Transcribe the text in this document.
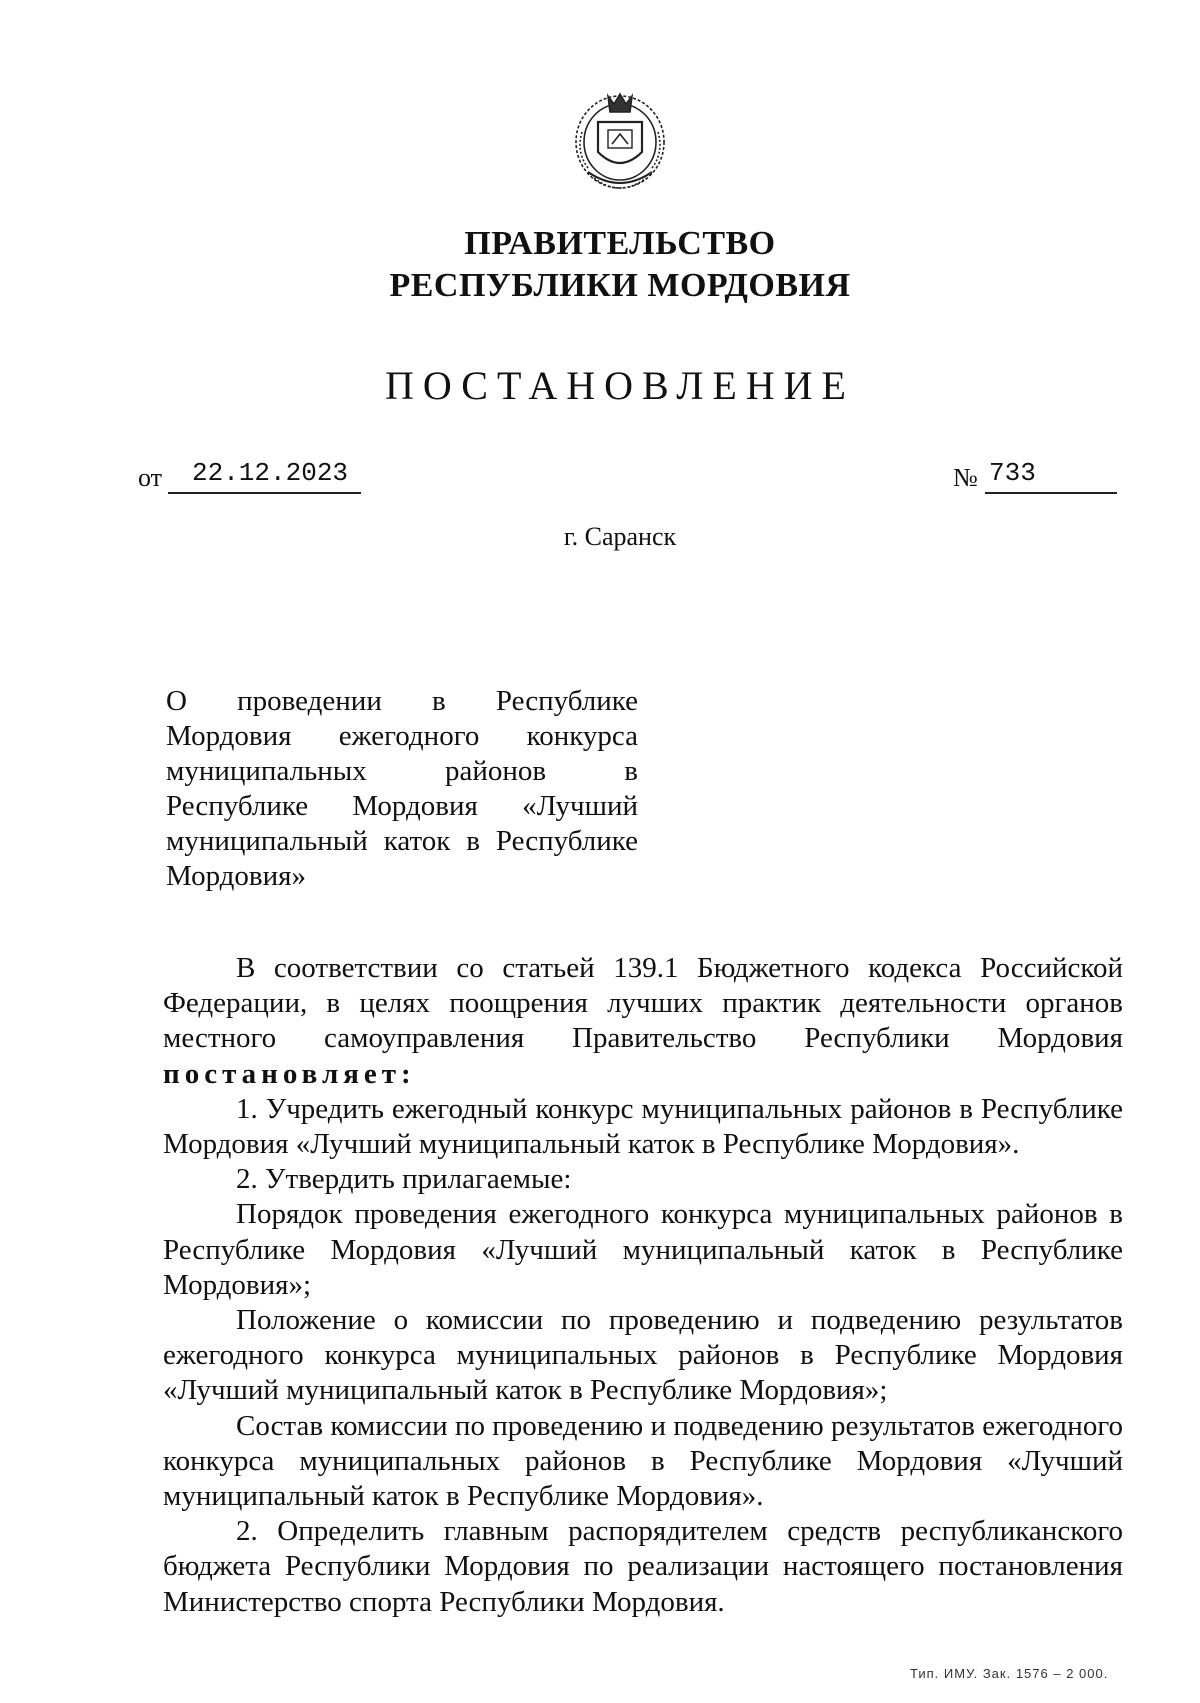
ПРАВИТЕЛЬСТВО
РЕСПУБЛИКИ МОРДОВИЯ
ПОСТАНОВЛЕНИЕ
от	22.12.2023	№ 733
г. Саранск
О проведении в Республике Мордовия ежегодного конкурса муниципальных районов в Республике Мордовия «Лучший муниципальный каток в Республике Мордовия»

В соответствии со статьей 139.1 Бюджетного кодекса Российской Федерации, в целях поощрения лучших практик деятельности органов местного самоуправления Правительство Республики Мордовия постановляет:

1. Учредить ежегодный конкурс муниципальных районов в Республике Мордовия «Лучший муниципальный каток в Республике Мордовия».

2. Утвердить прилагаемые:

Порядок проведения ежегодного конкурса муниципальных районов в Республике Мордовия «Лучший муниципальный каток в Республике Мордовия»;

Положение о комиссии по проведению и подведению результатов ежегодного конкурса муниципальных районов в Республике Мордовия «Лучший муниципальный каток в Республике Мордовия»;

Состав комиссии по проведению и подведению результатов ежегодного конкурса муниципальных районов в Республике Мордовия «Лучший муниципальный каток в Республике Мордовия».

2. Определить главным распорядителем средств республиканского бюджета Республики Мордовия по реализации настоящего постановления Министерство спорта Республики Мордовия.

Тип. ИМУ. Зак. 1576 – 2 000.
